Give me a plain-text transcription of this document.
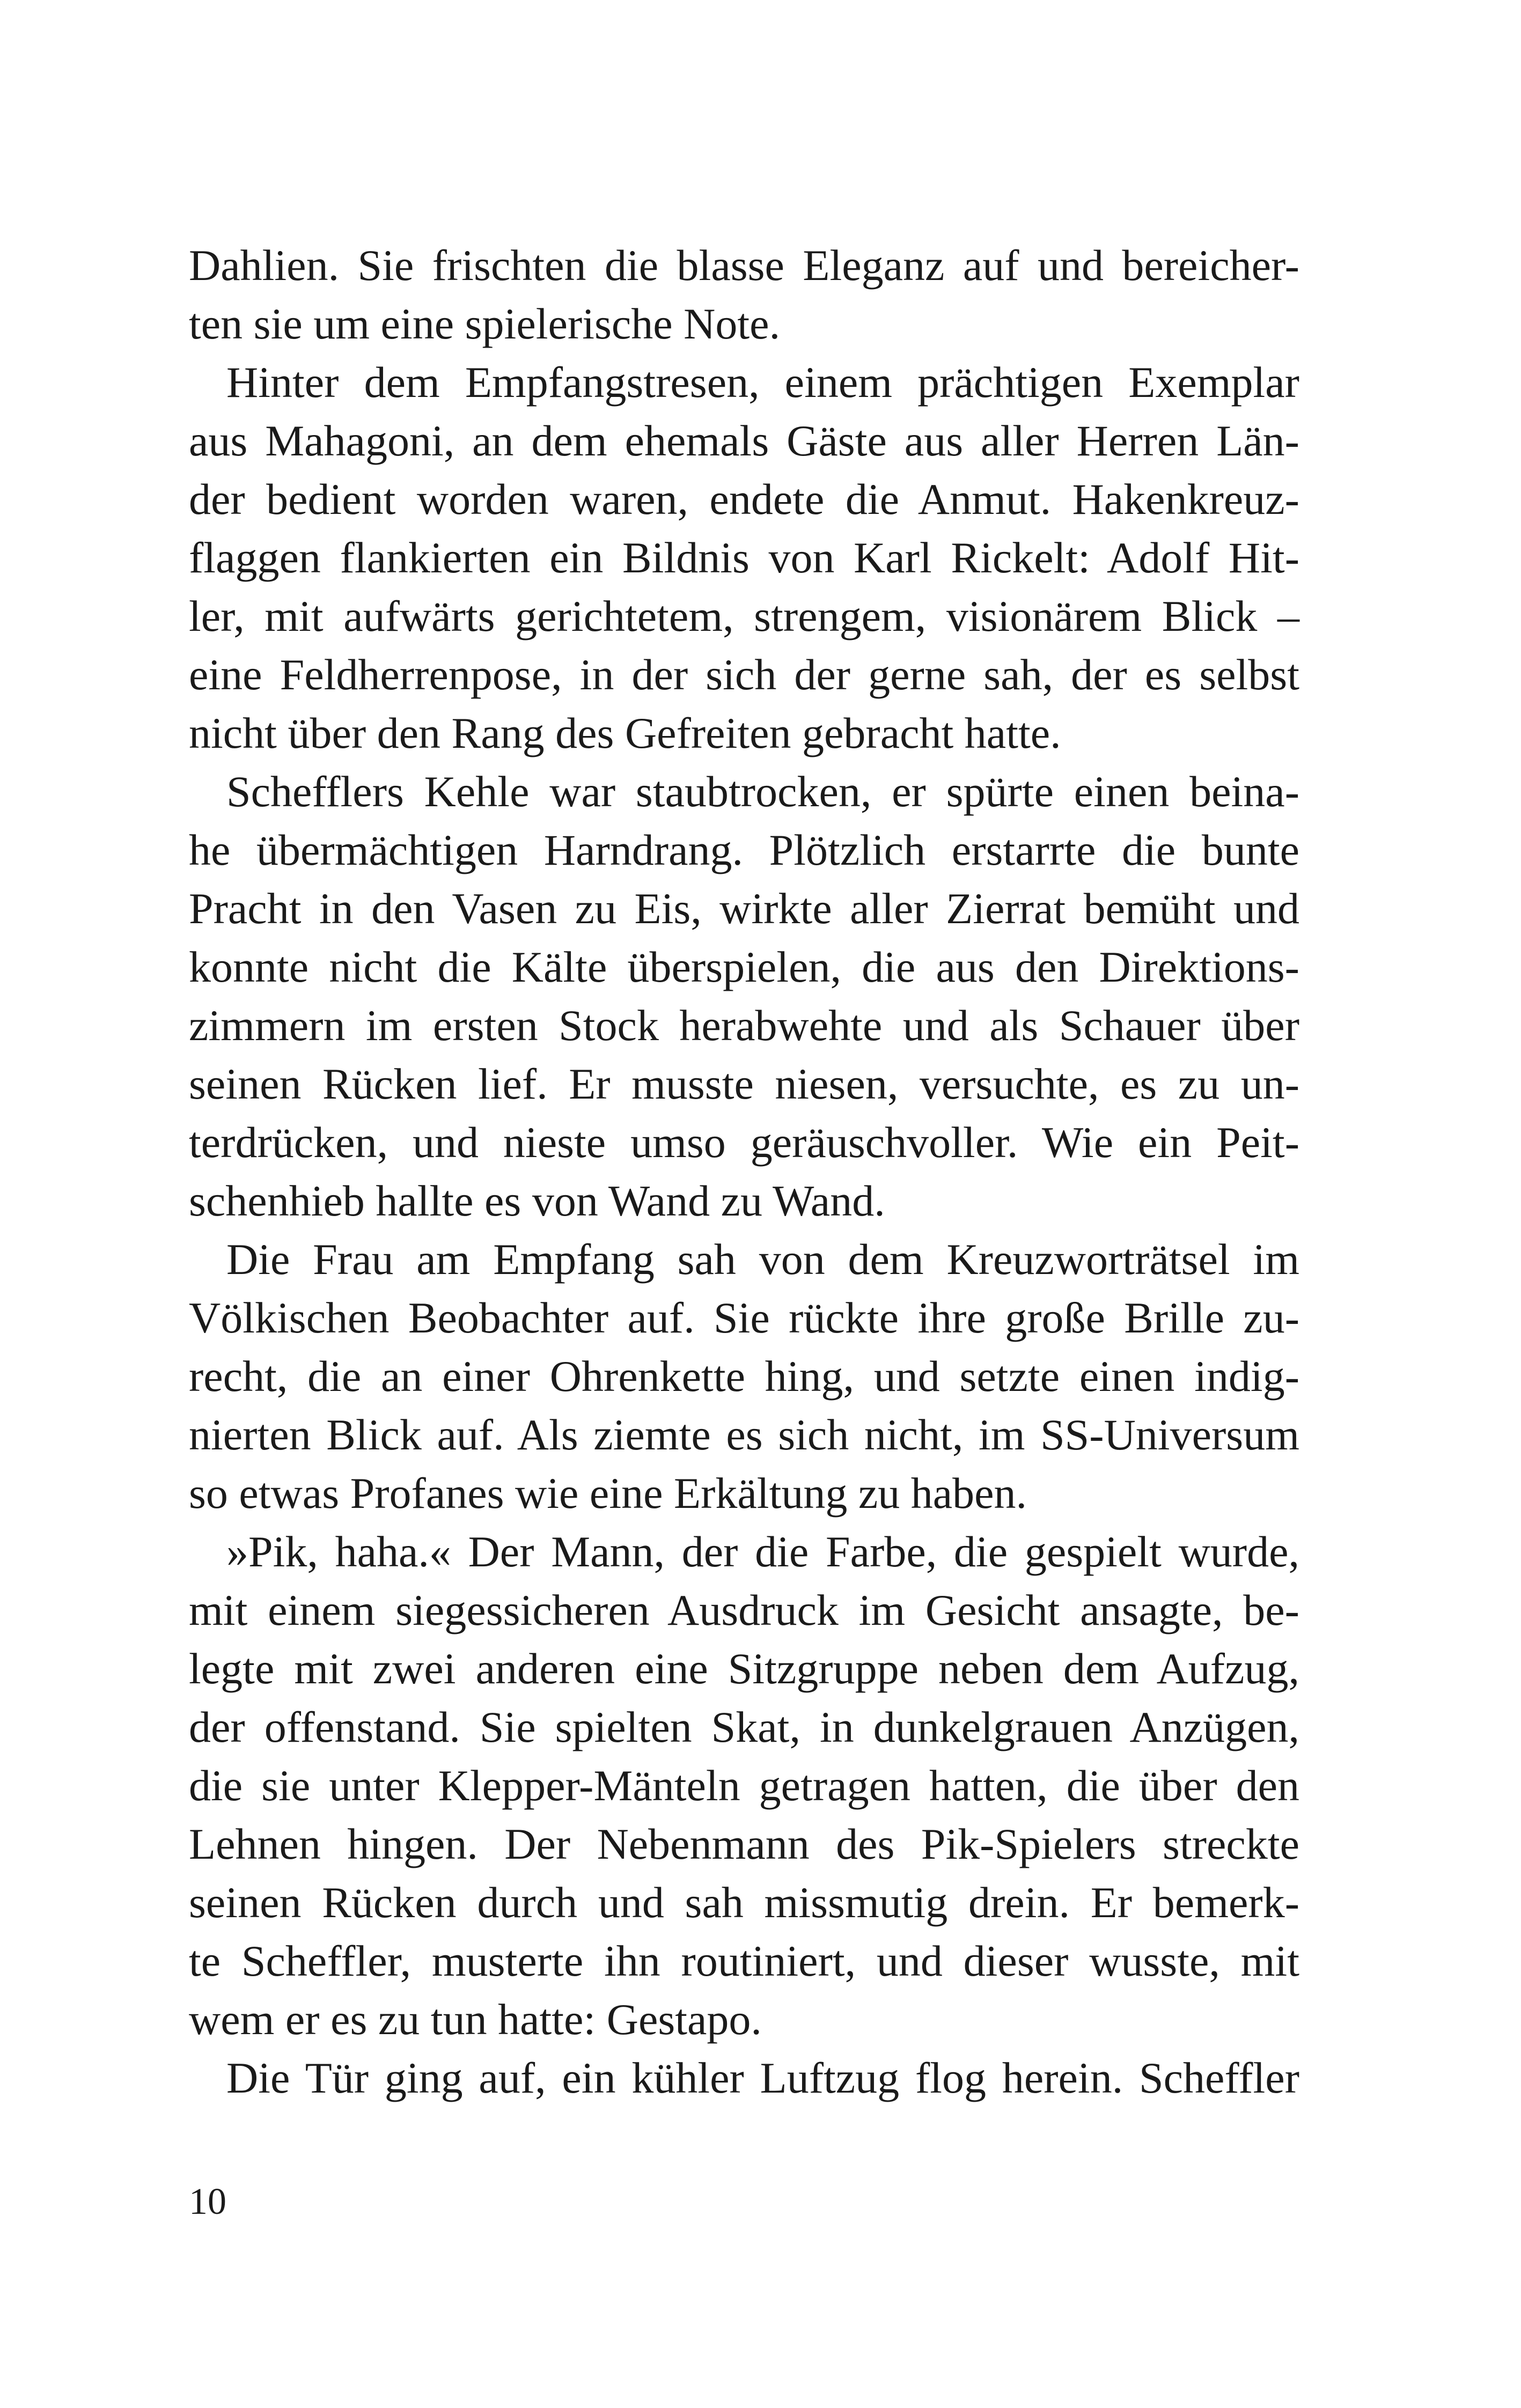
Dahlien. Sie frischten die blasse Eleganz auf und bereicher-
ten sie um eine spielerische Note.
Hinter dem Empfangstresen, einem prächtigen Exemplar
aus Mahagoni, an dem ehemals Gäste aus aller Herren Län-
der bedient worden waren, endete die Anmut. Hakenkreuz-
flaggen flankierten ein Bildnis von Karl Rickelt: Adolf Hit-
ler, mit aufwärts gerichtetem, strengem, visionärem Blick –
eine Feldherrenpose, in der sich der gerne sah, der es selbst
nicht über den Rang des Gefreiten gebracht hatte.
Schefflers Kehle war staubtrocken, er spürte einen beina-
he übermächtigen Harndrang. Plötzlich erstarrte die bunte
Pracht in den Vasen zu Eis, wirkte aller Zierrat bemüht und
konnte nicht die Kälte überspielen, die aus den Direktions-
zimmern im ersten Stock herabwehte und als Schauer über
seinen Rücken lief. Er musste niesen, versuchte, es zu un-
terdrücken, und nieste umso geräuschvoller. Wie ein Peit-
schenhieb hallte es von Wand zu Wand.
Die Frau am Empfang sah von dem Kreuzworträtsel im
Völkischen Beobachter auf. Sie rückte ihre große Brille zu-
recht, die an einer Ohrenkette hing, und setzte einen indig-
nierten Blick auf. Als ziemte es sich nicht, im SS-Universum
so etwas Profanes wie eine Erkältung zu haben.
»Pik, haha.« Der Mann, der die Farbe, die gespielt wurde,
mit einem siegessicheren Ausdruck im Gesicht ansagte, be-
legte mit zwei anderen eine Sitzgruppe neben dem Aufzug,
der offenstand. Sie spielten Skat, in dunkelgrauen Anzügen,
die sie unter Klepper-Mänteln getragen hatten, die über den
Lehnen hingen. Der Nebenmann des Pik-Spielers streckte
seinen Rücken durch und sah missmutig drein. Er bemerk-
te Scheffler, musterte ihn routiniert, und dieser wusste, mit
wem er es zu tun hatte: Gestapo.
Die Tür ging auf, ein kühler Luftzug flog herein. Scheffler
10
